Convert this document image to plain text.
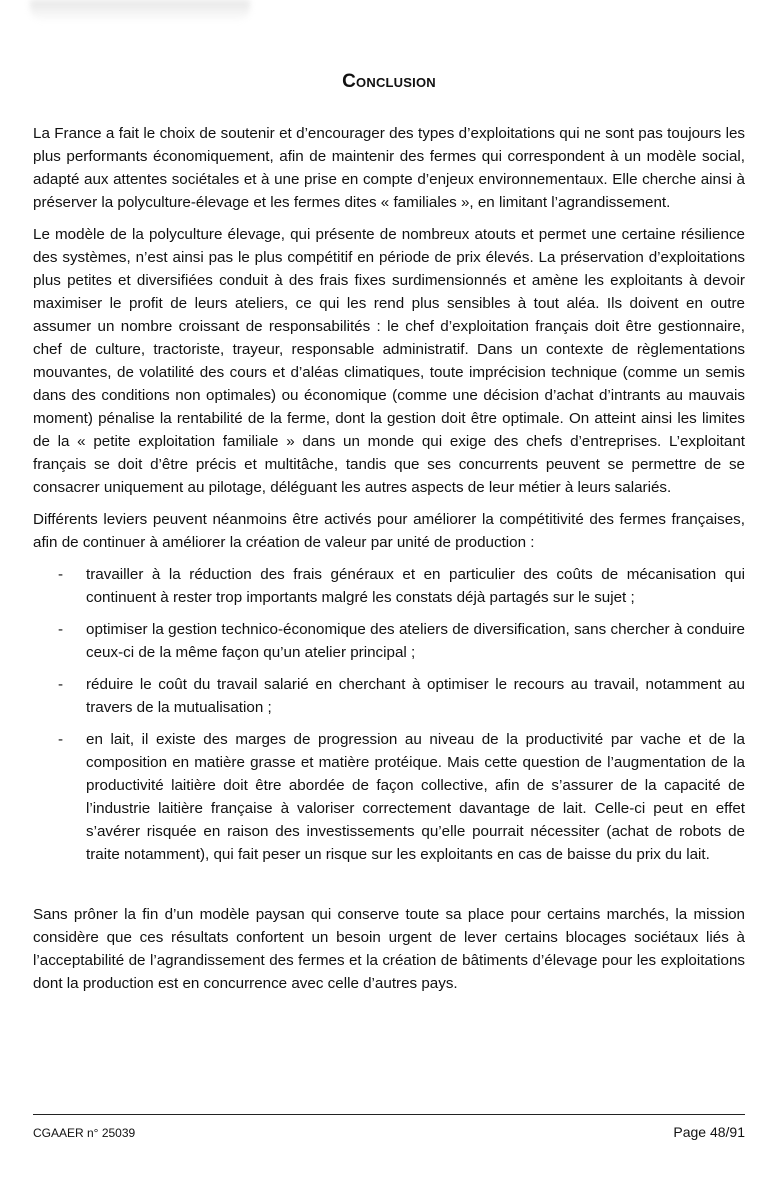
Conclusion

La France a fait le choix de soutenir et d’encourager des types d’exploitations qui ne sont pas toujours les plus performants économiquement, afin de maintenir des fermes qui correspondent à un modèle social, adapté aux attentes sociétales et à une prise en compte d’enjeux environnementaux. Elle cherche ainsi à préserver la polyculture-élevage et les fermes dites « familiales », en limitant l’agrandissement.

Le modèle de la polyculture élevage, qui présente de nombreux atouts et permet une certaine résilience des systèmes, n’est ainsi pas le plus compétitif en période de prix élevés. La préservation d’exploitations plus petites et diversifiées conduit à des frais fixes surdimensionnés et amène les exploitants à devoir maximiser le profit de leurs ateliers, ce qui les rend plus sensibles à tout aléa. Ils doivent en outre assumer un nombre croissant de responsabilités : le chef d’exploitation français doit être gestionnaire, chef de culture, tractoriste, trayeur, responsable administratif. Dans un contexte de règlementations mouvantes, de volatilité des cours et d’aléas climatiques, toute imprécision technique (comme un semis dans des conditions non optimales) ou économique (comme une décision d’achat d’intrants au mauvais moment) pénalise la rentabilité de la ferme, dont la gestion doit être optimale. On atteint ainsi les limites de la « petite exploitation familiale » dans un monde qui exige des chefs d’entreprises. L’exploitant français se doit d’être précis et multitâche, tandis que ses concurrents peuvent se permettre de se consacrer uniquement au pilotage, déléguant les autres aspects de leur métier à leurs salariés.

Différents leviers peuvent néanmoins être activés pour améliorer la compétitivité des fermes françaises, afin de continuer à améliorer la création de valeur par unité de production :

- travailler à la réduction des frais généraux et en particulier des coûts de mécanisation qui continuent à rester trop importants malgré les constats déjà partagés sur le sujet ;
- optimiser la gestion technico-économique des ateliers de diversification, sans chercher à conduire ceux-ci de la même façon qu’un atelier principal ;
- réduire le coût du travail salarié en cherchant à optimiser le recours au travail, notamment au travers de la mutualisation ;
- en lait, il existe des marges de progression au niveau de la productivité par vache et de la composition en matière grasse et matière protéique. Mais cette question de l’augmentation de la productivité laitière doit être abordée de façon collective, afin de s’assurer de la capacité de l’industrie laitière française à valoriser correctement davantage de lait. Celle-ci peut en effet s’avérer risquée en raison des investissements qu’elle pourrait nécessiter (achat de robots de traite notamment), qui fait peser un risque sur les exploitants en cas de baisse du prix du lait.

Sans prôner la fin d’un modèle paysan qui conserve toute sa place pour certains marchés, la mission considère que ces résultats confortent un besoin urgent de lever certains blocages sociétaux liés à l’acceptabilité de l’agrandissement des fermes et la création de bâtiments d’élevage pour les exploitations dont la production est en concurrence avec celle d’autres pays.

CGAAER n° 25039	Page 48/91
